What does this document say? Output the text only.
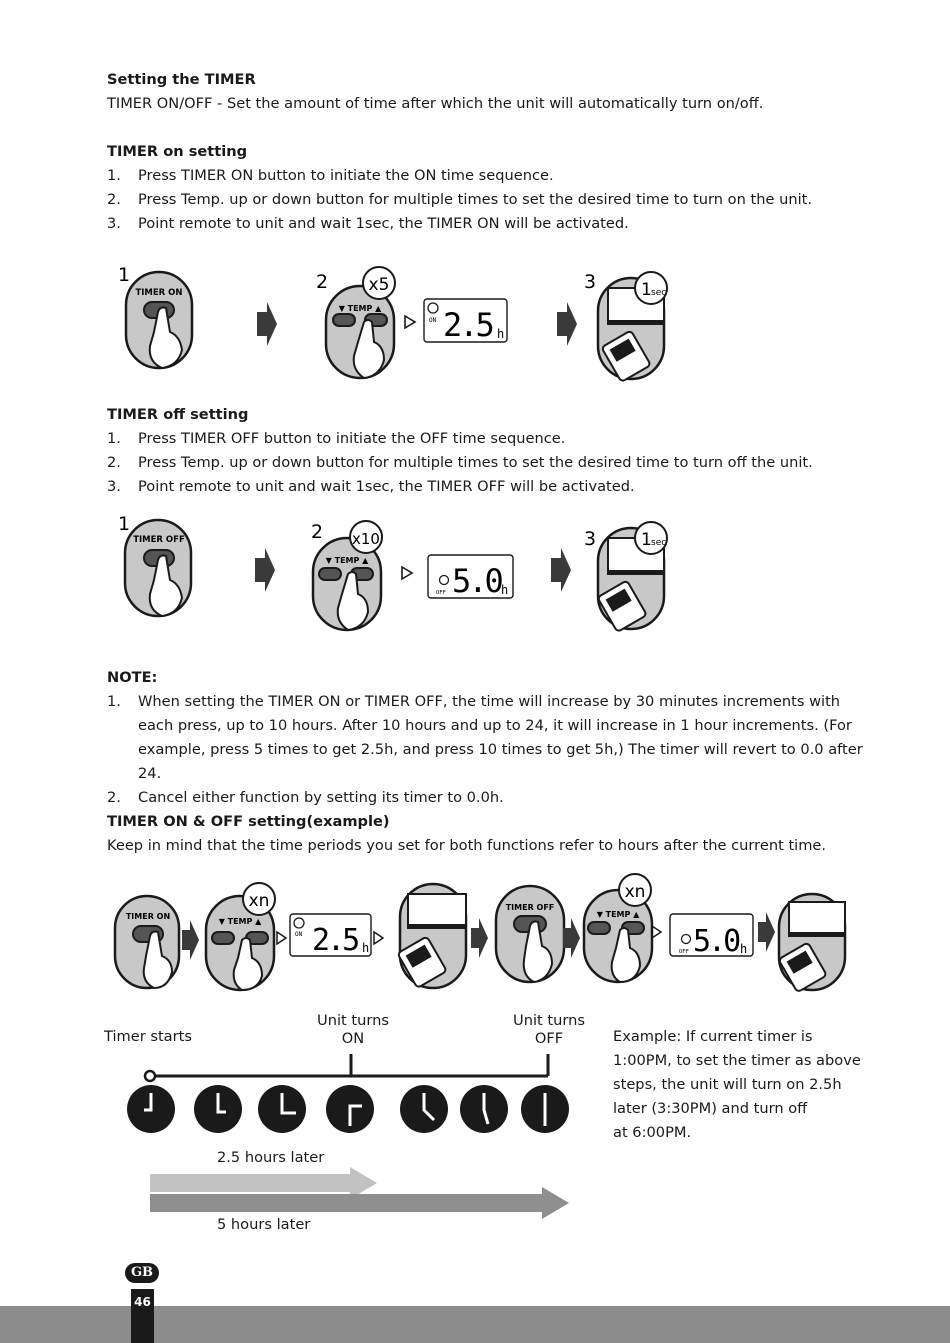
Setting the TIMER
TIMER ON/OFF - Set the amount of time after which the unit will automatically turn on/off.
TIMER on setting
1. Press TIMER ON button to initiate the ON time sequence.
2. Press Temp. up or down button for multiple times to set the desired time to turn on the unit.
3. Point remote to unit and wait 1sec, the TIMER ON will be activated.
1
TIMER ON	2
▼ TEMP ▲
x5
ON 2.5 h
3	1 sec
TIMER off setting
1. Press TIMER OFF button to initiate the OFF time sequence.
2. Press Temp. up or down button for multiple times to set the desired time to turn off the unit.
3. Point remote to unit and wait 1sec, the TIMER OFF will be activated.
1
TIMER OFF	2
▼ TEMP ▲
x10
OFF 5.0 h
3	1 sec
NOTE:
1. When setting the TIMER ON or TIMER OFF, the time will increase by 30 minutes increments with each press, up to 10 hours. After 10 hours and up to 24, it will increase in 1 hour increments. (For example, press 5 times to get 2.5h, and press 10 times to get 5h,) The timer will revert to 0.0 after 24.
2. Cancel either function by setting its timer to 0.0h.
TIMER ON & OFF setting(example)
Keep in mind that the time periods you set for both functions refer to hours after the current time.
TIMER ON
▼ TEMP ▲
xn
ON 2.5 h
TIMER OFF
▼ TEMP ▲
xn
OFF 5.0 h
Timer starts
Unit turns
ON
Unit turns
OFF
2.5 hours later
5 hours later
Example: If current timer is
1:00PM, to set the timer as above
steps, the unit will turn on 2.5h
later (3:30PM) and turn off
at 6:00PM.
GB
46
